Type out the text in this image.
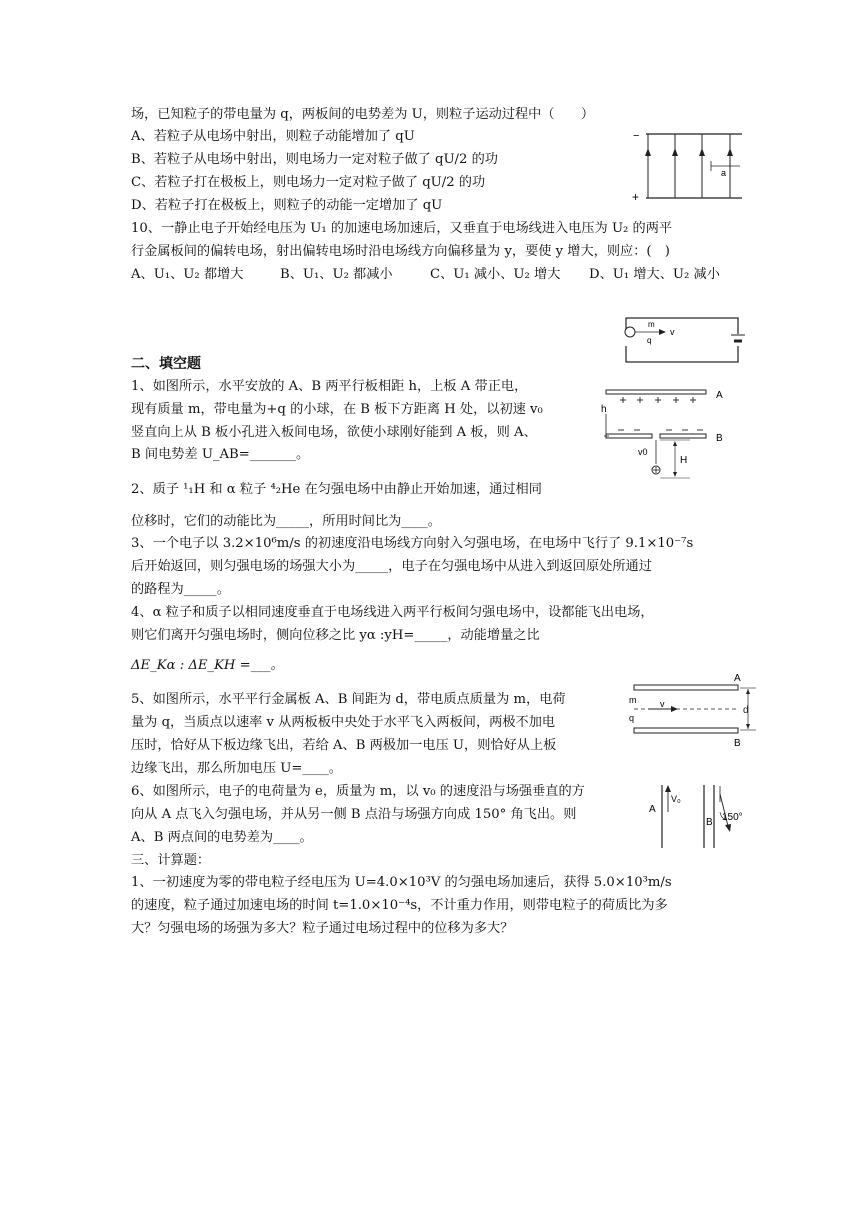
场，已知粒子的带电量为 q，两板间的电势差为 U，则粒子运动过程中（　　）
A、若粒子从电场中射出，则粒子动能增加了 qU
B、若粒子从电场中射出，则电场力一定对粒子做了 qU/2 的功
C、若粒子打在极板上，则电场力一定对粒子做了 qU/2 的功
D、若粒子打在极板上，则粒子的动能一定增加了 qU
−
+
a
10、一静止电子开始经电压为 U₁ 的加速电场加速后，又垂直于电场线进入电压为 U₂ 的两平
行金属板间的偏转电场，射出偏转电场时沿电场线方向偏移量为 y，要使 y 增大，则应：(　)
A、U₁、U₂ 都增大	B、U₁、U₂ 都减小	C、U₁ 减小、U₂ 增大 D、U₁ 增大、U₂ 减小
m
v
q
二、填空题
1、如图所示，水平安放的 A、B 两平行板相距 h，上板 A 带正电，
现有质量 m，带电量为+q 的小球，在 B 板下方距离 H 处，以初速 v₀
竖直向上从 B 板小孔进入板间电场，欲使小球刚好能到 A 板，则 A、
B 间电势差 U_AB=_______。
A
B
h
H
v0
2、质子 ¹₁H 和 α 粒子 ⁴₂He 在匀强电场中由静止开始加速，通过相同
位移时，它们的动能比为_____，所用时间比为____。
3、一个电子以 3.2×10⁶m/s 的初速度沿电场线方向射入匀强电场，在电场中飞行了 9.1×10⁻⁷s
后开始返回，则匀强电场的场强大小为_____，电子在匀强电场中从进入到返回原处所通过
的路程为_____。
4、α 粒子和质子以相同速度垂直于电场线进入两平行板间匀强电场中，设都能飞出电场，
则它们离开匀强电场时，侧向位移之比 yα :yH=_____，动能增量之比
ΔE_Kα : ΔE_KH =___。
5、如图所示，水平平行金属板 A、B 间距为 d，带电质点质量为 m，电荷
量为 q，当质点以速率 v 从两板板中央处于水平飞入两板间，两极不加电
压时，恰好从下板边缘飞出，若给 A、B 两极加一电压 U，则恰好从上板
边缘飞出，那么所加电压 U=____。
A
B
d
m
q
v
6、如图所示，电子的电荷量为 e，质量为 m，以 v₀ 的速度沿与场强垂直的方
向从 A 点飞入匀强电场，并从另一侧 B 点沿与场强方向成 150° 角飞出。则
A、B 两点间的电势差为____。
A
B
V₀
150°
三、计算题：
1、一初速度为零的带电粒子经电压为 U=4.0×10³V 的匀强电场加速后，获得 5.0×10³m/s
的速度，粒子通过加速电场的时间 t=1.0×10⁻⁴s，不计重力作用，则带电粒子的荷质比为多
大？匀强电场的场强为多大？粒子通过电场过程中的位移为多大？
